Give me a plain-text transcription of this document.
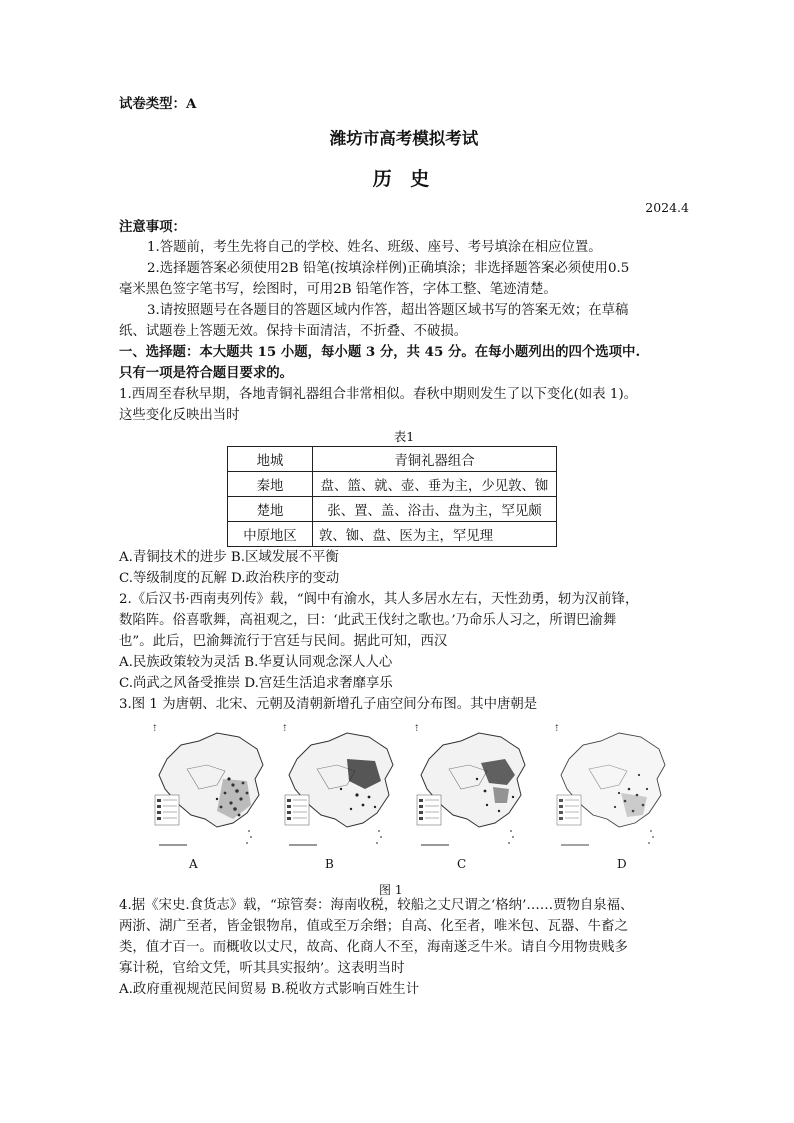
试卷类型：A
潍坊市高考模拟考试
历 史
2024.4
注意事项：
1.答题前，考生先将自己的学校、姓名、班级、座号、考号填涂在相应位置。
2.选择题答案必须使用2B 铅笔(按填涂样例)正确填涂；非选择题答案必须使用0.5
毫米黑色签字笔书写，绘图时，可用2B 铅笔作答，字体工整、笔迹清楚。
3.请按照题号在各题目的答题区域内作答，超出答题区域书写的答案无效；在草稿
纸、试题卷上答题无效。保持卡面清洁，不折叠、不破损。
一、选择题：本大题共 15 小题，每小题 3 分，共 45 分。在每小题列出的四个选项中.
只有一项是符合题目要求的。
1.西周至春秋早期，各地青铜礼器组合非常相似。春秋中期则发生了以下变化(如表 1)。
这些变化反映出当时
表1
地城	青铜礼器组合
秦地	盘、篮、就、壶、垂为主，少见敦、铷
楚地	张、置、盖、浴击、盘为主，罕见颇
中原地区	敦、铷、盘、医为主，罕见理
A.青铜技术的进步 B.区域发展不平衡
C.等级制度的瓦解 D.政治秩序的变动
2.《后汉书·西南夷列传》载，“阆中有渝水，其人多居水左右，天性劲勇，轫为汉前锋，
数陷阵。俗喜歌舞，高祖观之，曰：‘此武王伐纣之歌也。’乃命乐人习之，所谓巴渝舞
也”。此后，巴渝舞流行于宫廷与民间。据此可知，西汉
A.民族政策较为灵活 B.华夏认同观念深人人心
C.尚武之风备受推崇 D.宫廷生活追求奢靡享乐
3.图 1 为唐朝、北宋、元朝及清朝新增孔子庙空间分布图。其中唐朝是
⇡
A
⇡
B
⇡
C
⇡
D
图 1
4.据《宋史.食货志》载，“琼管奏：海南收税，较船之丈尺谓之‘格纳’……贾物自泉福、
两浙、湖广至者，皆金银物帛，值或至万余缗；自高、化至者，唯米包、瓦器、牛畜之
类，值才百一。而概收以丈尺，故高、化商人不至，海南遂乏牛米。请自今用物贵贱多
寡计税，官给文凭，听其具实报纳’。这表明当时
A.政府重视规范民间贸易 B.税收方式影响百姓生计
